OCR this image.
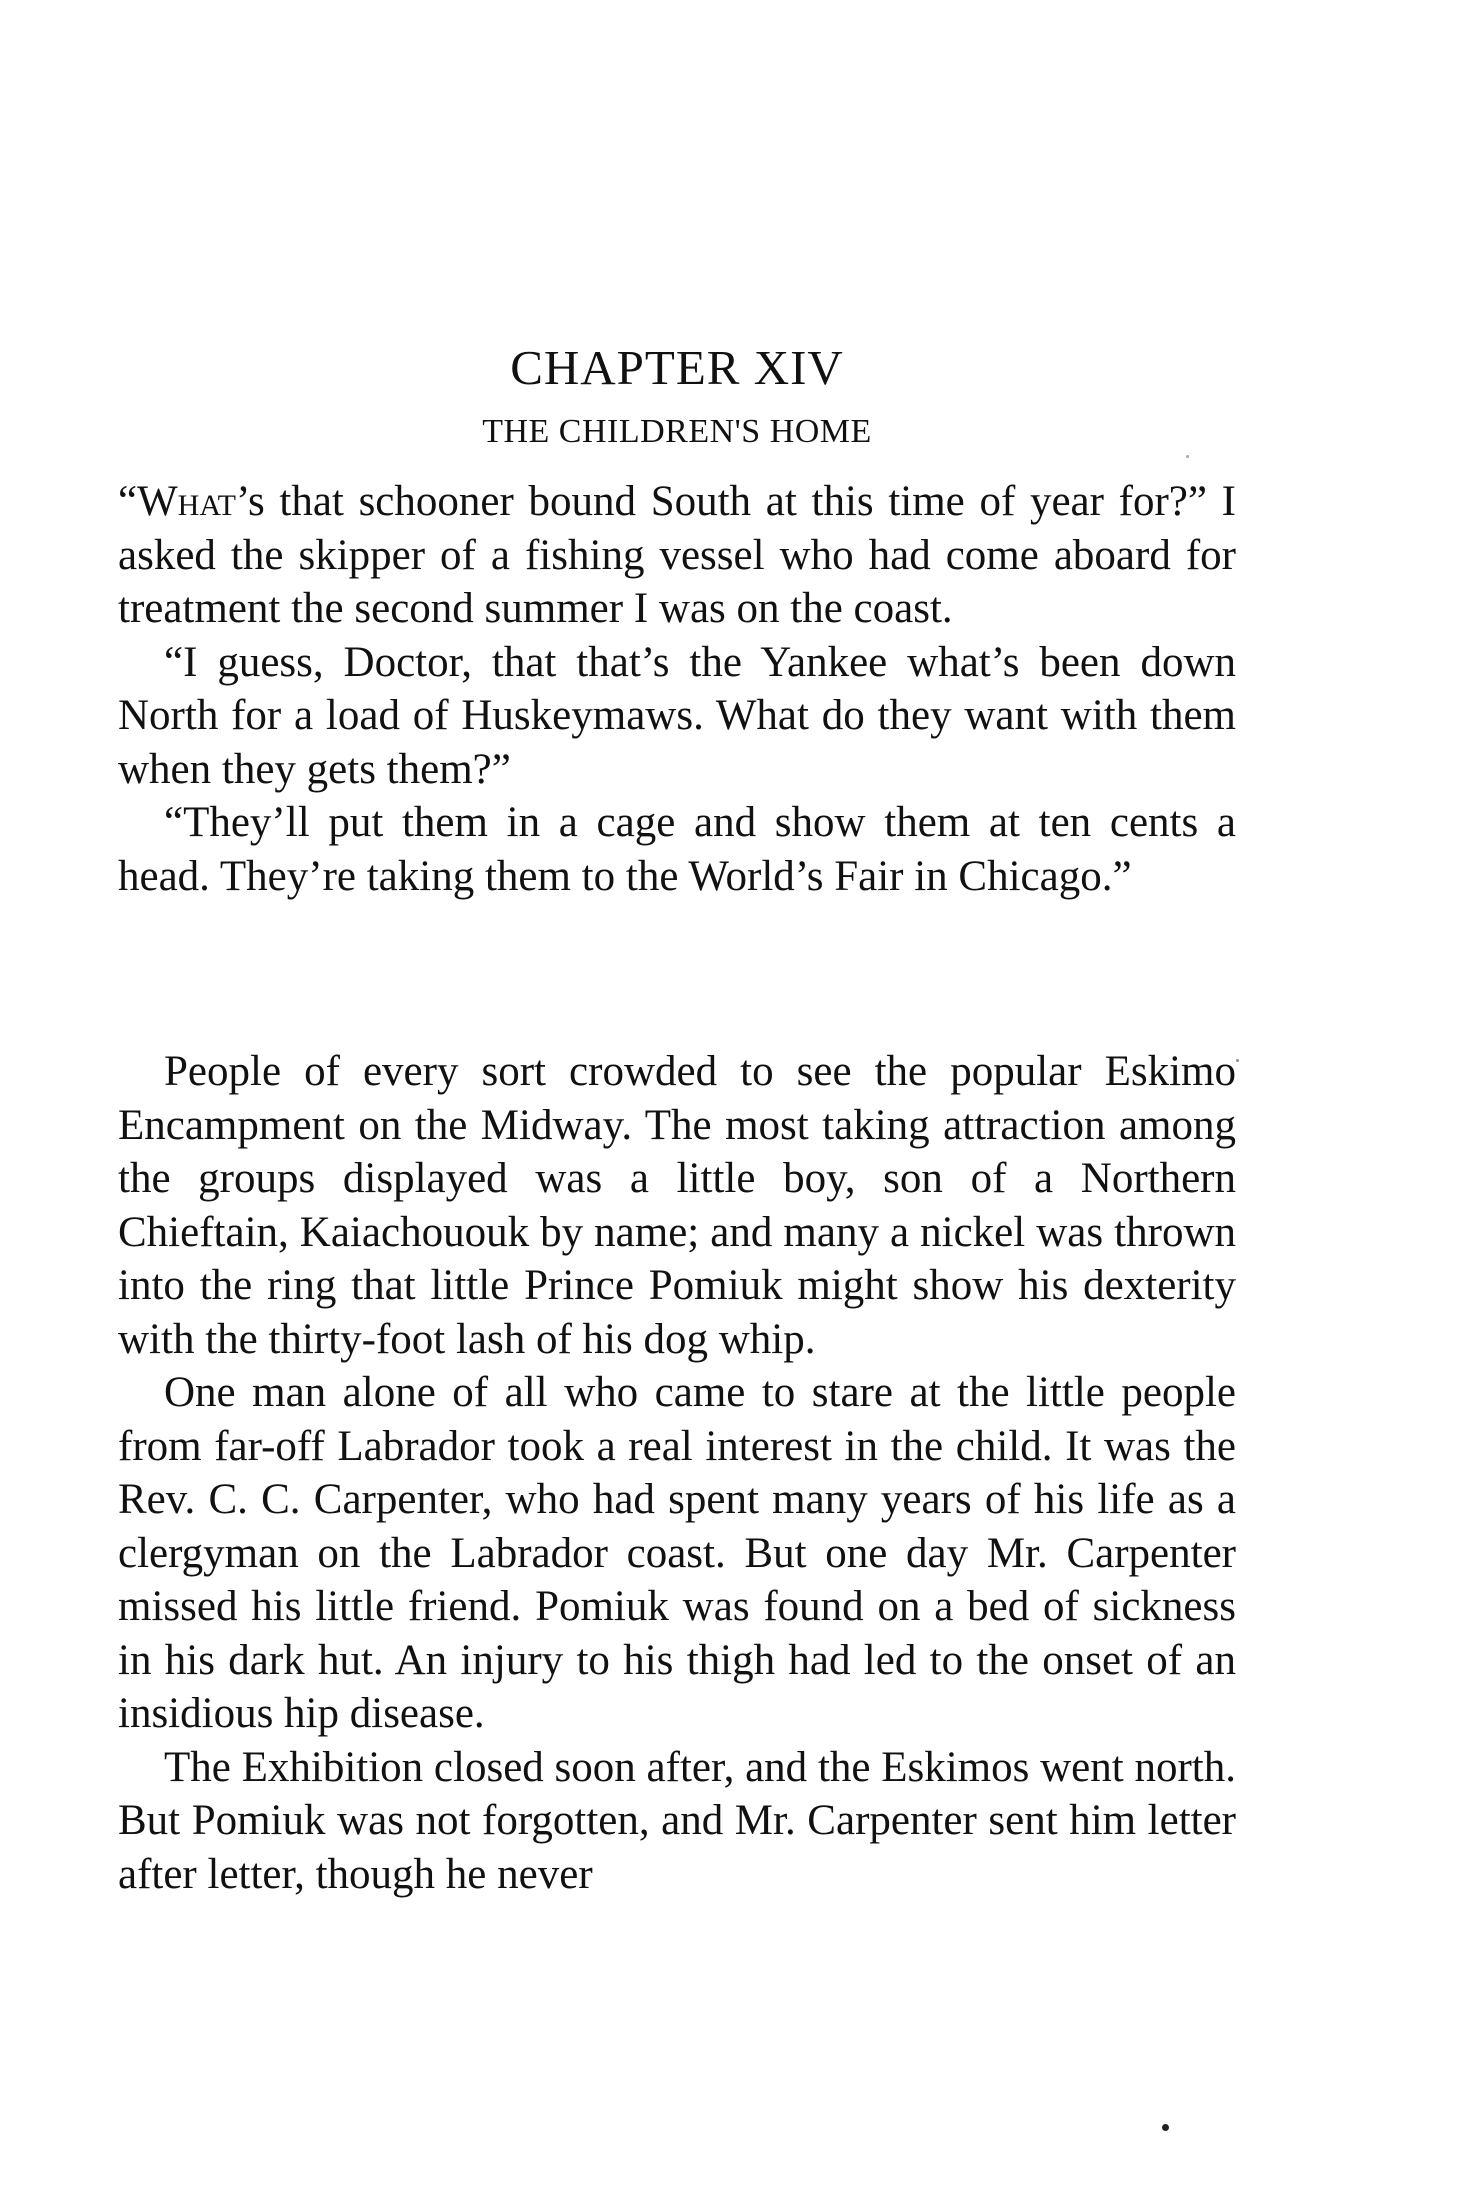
CHAPTER XIV
THE CHILDREN'S HOME

“What’s that schooner bound South at this time of year for?” I asked the skipper of a fishing vessel who had come aboard for treatment the second summer I was on the coast.

“I guess, Doctor, that that’s the Yankee what’s been down North for a load of Huskeymaws. What do they want with them when they gets them?”

“They’ll put them in a cage and show them at ten cents a head. They’re taking them to the World’s Fair in Chicago.”

People of every sort crowded to see the popular Eskimo Encampment on the Midway. The most taking attraction among the groups displayed was a little boy, son of a Northern Chieftain, Kaiachououk by name; and many a nickel was thrown into the ring that little Prince Pomiuk might show his dexterity with the thirty-foot lash of his dog whip.

One man alone of all who came to stare at the little people from far-off Labrador took a real interest in the child. It was the Rev. C. C. Carpenter, who had spent many years of his life as a clergyman on the Labrador coast. But one day Mr. Carpenter missed his little friend. Pomiuk was found on a bed of sickness in his dark hut. An injury to his thigh had led to the onset of an insidious hip disease.

The Exhibition closed soon after, and the Eskimos went north. But Pomiuk was not forgotten, and Mr. Carpenter sent him letter after letter, though he never
